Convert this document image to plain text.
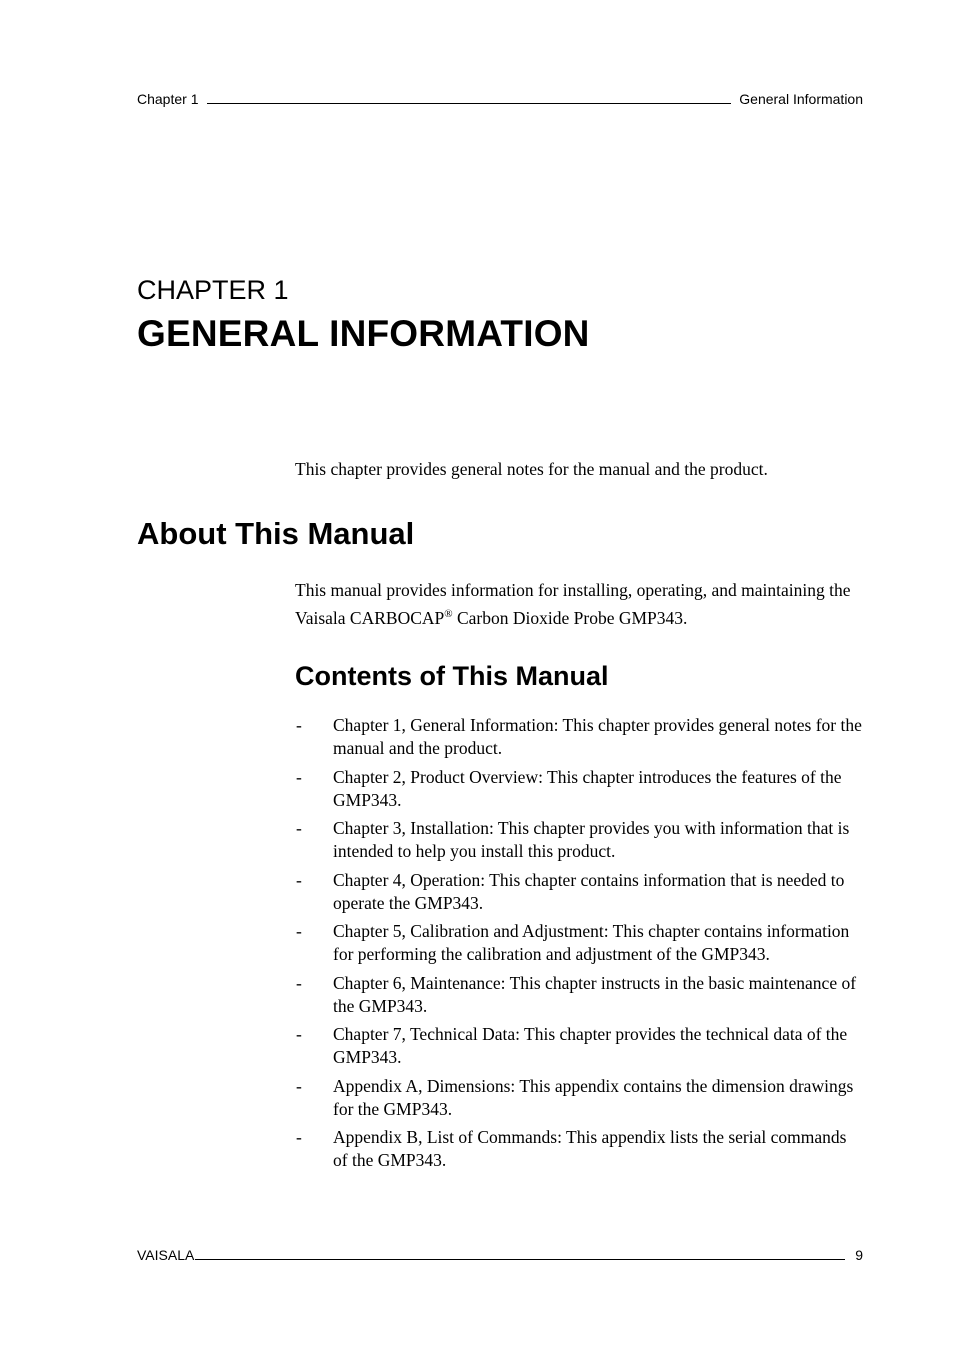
Chapter 1	General Information
CHAPTER 1
GENERAL INFORMATION

This chapter provides general notes for the manual and the product.

About This Manual

This manual provides information for installing, operating, and maintaining the Vaisala CARBOCAP® Carbon Dioxide Probe GMP343.

Contents of This Manual
-	Chapter 1, General Information: This chapter provides general notes for the manual and the product.
-	Chapter 2, Product Overview: This chapter introduces the features of the GMP343.
-	Chapter 3, Installation: This chapter provides you with information that is intended to help you install this product.
-	Chapter 4, Operation: This chapter contains information that is needed to operate the GMP343.
-	Chapter 5, Calibration and Adjustment: This chapter contains information for performing the calibration and adjustment of the GMP343.
-	Chapter 6, Maintenance: This chapter instructs in the basic maintenance of the GMP343.
-	Chapter 7, Technical Data: This chapter provides the technical data of the GMP343.
-	Appendix A, Dimensions: This appendix contains the dimension drawings for the GMP343.
-	Appendix B, List of Commands: This appendix lists the serial commands of the GMP343.
VAISALA	9
